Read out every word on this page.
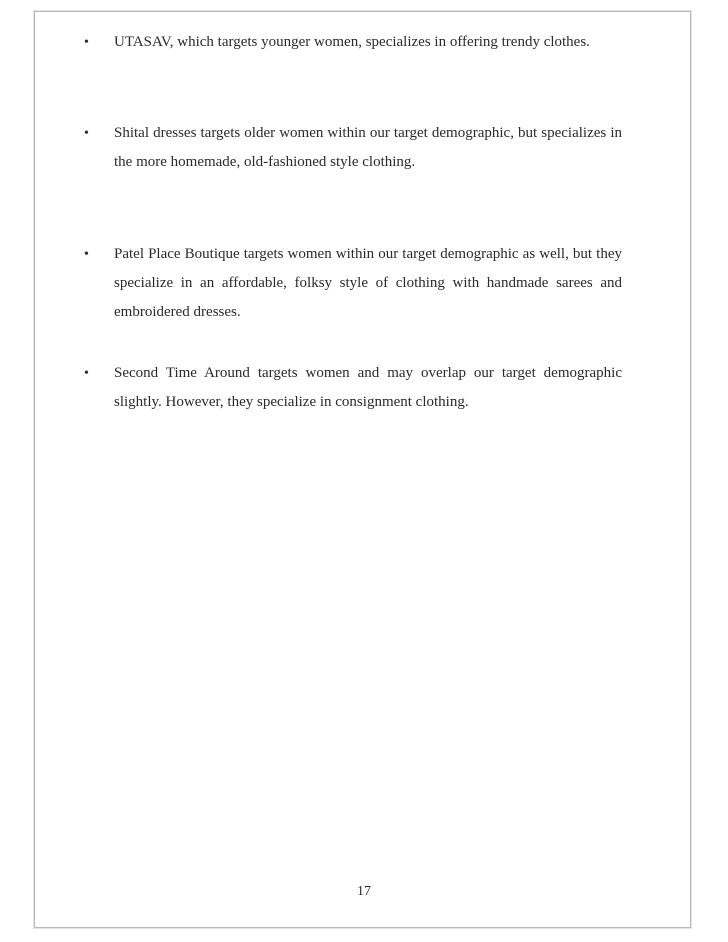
•	UTASAV, which targets younger women, specializes in offering trendy clothes.
•	Shital dresses targets older women within our target demographic, but specializes in the more homemade, old-fashioned style clothing.
•	Patel Place Boutique targets women within our target demographic as well, but they specialize in an affordable, folksy style of clothing with handmade sarees and embroidered dresses.
•	Second Time Around targets women and may overlap our target demographic slightly. However, they specialize in consignment clothing.
17
